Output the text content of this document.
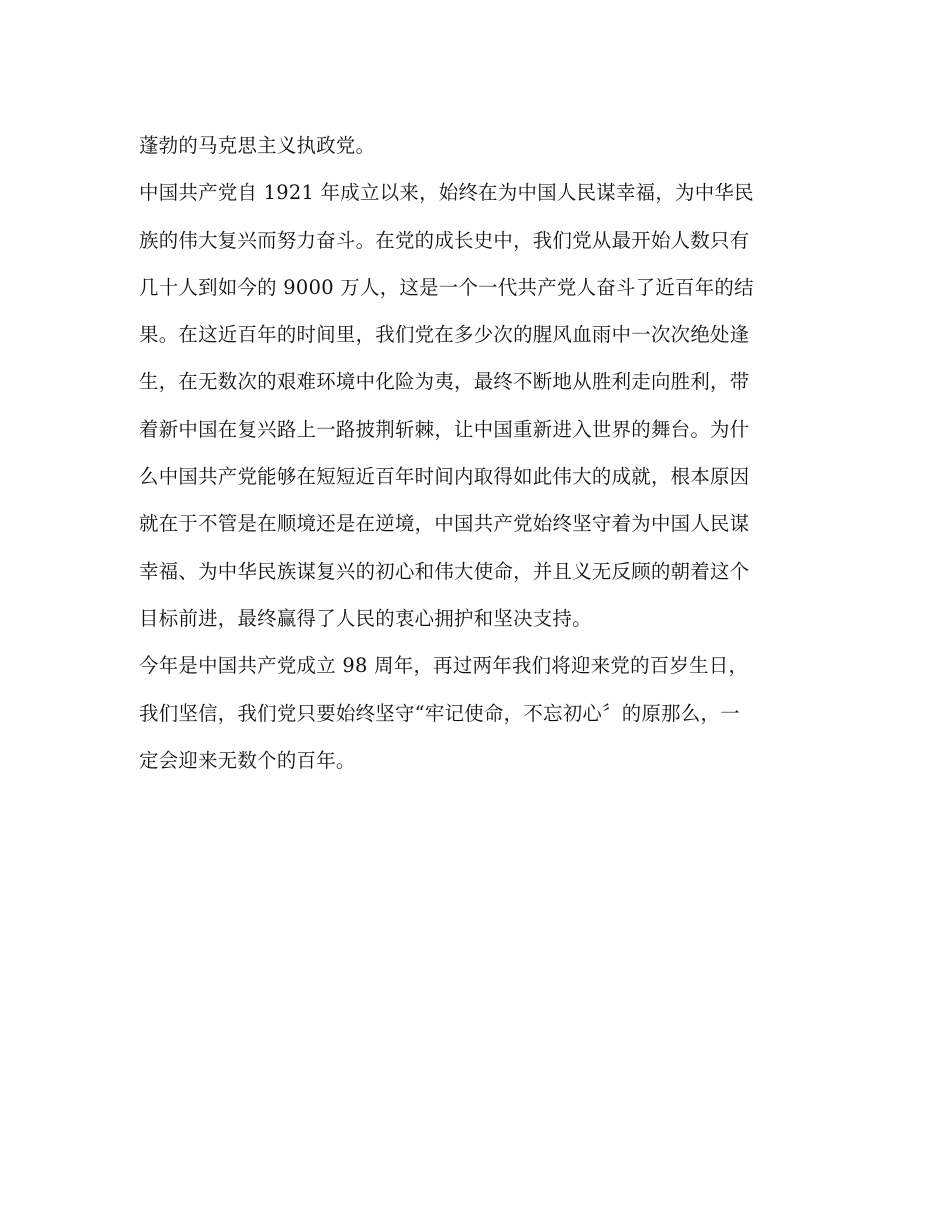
蓬勃的马克思主义执政党。
中国共产党自 1921 年成立以来，始终在为中国人民谋幸福，为中华民
族的伟大复兴而努力奋斗。在党的成长史中，我们党从最开始人数只有
几十人到如今的 9000 万人，这是一个一代共产党人奋斗了近百年的结
果。在这近百年的时间里，我们党在多少次的腥风血雨中一次次绝处逢
生，在无数次的艰难环境中化险为夷，最终不断地从胜利走向胜利，带
着新中国在复兴路上一路披荆斩棘，让中国重新进入世界的舞台。为什
么中国共产党能够在短短近百年时间内取得如此伟大的成就，根本原因
就在于不管是在顺境还是在逆境，中国共产党始终坚守着为中国人民谋
幸福、为中华民族谋复兴的初心和伟大使命，并且义无反顾的朝着这个
目标前进，最终赢得了人民的衷心拥护和坚决支持。
今年是中国共产党成立 98 周年，再过两年我们将迎来党的百岁生日，
我们坚信，我们党只要始终坚守“牢记使命，不忘初心〞的原那么，一
定会迎来无数个的百年。
